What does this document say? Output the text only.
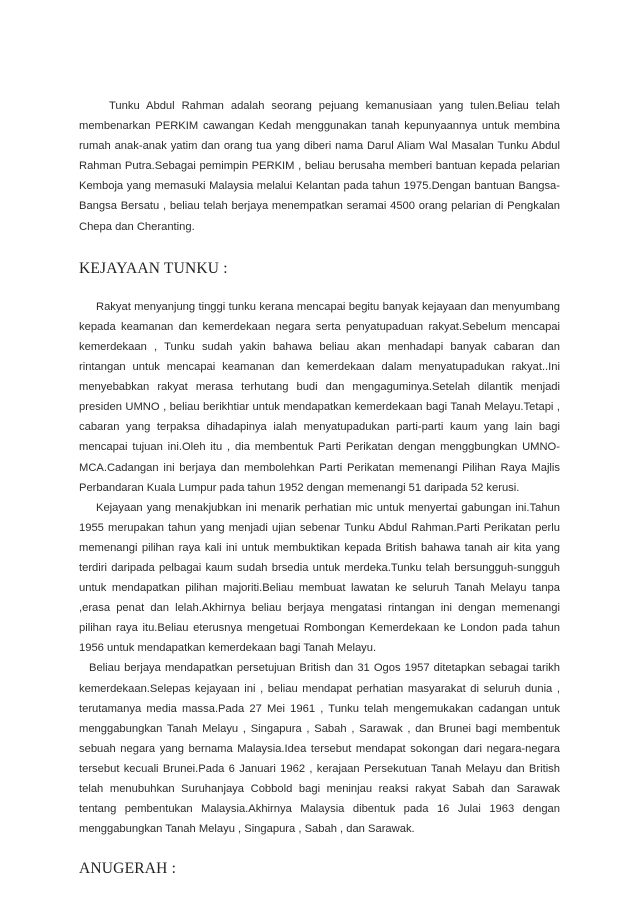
Tunku Abdul Rahman adalah seorang pejuang kemanusiaan yang tulen.Beliau telah membenarkan PERKIM cawangan Kedah menggunakan tanah kepunyaannya untuk membina rumah anak-anak yatim dan orang tua yang diberi nama Darul Aliam Wal Masalan Tunku Abdul Rahman Putra.Sebagai pemimpin PERKIM , beliau berusaha memberi bantuan kepada pelarian Kemboja yang memasuki Malaysia melalui Kelantan pada tahun 1975.Dengan bantuan Bangsa-Bangsa Bersatu , beliau telah berjaya menempatkan seramai 4500 orang pelarian di Pengkalan Chepa dan Cheranting.

KEJAYAAN TUNKU :

Rakyat menyanjung tinggi tunku kerana mencapai begitu banyak kejayaan dan menyumbang kepada keamanan dan kemerdekaan negara serta penyatupaduan rakyat.Sebelum mencapai kemerdekaan , Tunku sudah yakin bahawa beliau akan menhadapi banyak cabaran dan rintangan untuk mencapai keamanan dan kemerdekaan dalam menyatupadukan rakyat..Ini menyebabkan rakyat merasa terhutang budi dan mengaguminya.Setelah dilantik menjadi presiden UMNO , beliau berikhtiar untuk mendapatkan kemerdekaan bagi Tanah Melayu.Tetapi , cabaran yang terpaksa dihadapinya ialah menyatupadukan parti-parti kaum yang lain bagi mencapai tujuan ini.Oleh itu , dia membentuk Parti Perikatan dengan menggbungkan UMNO-MCA.Cadangan ini berjaya dan membolehkan Parti Perikatan memenangi Pilihan Raya Majlis Perbandaran Kuala Lumpur pada tahun 1952 dengan memenangi 51 daripada 52 kerusi.

Kejayaan yang menakjubkan ini menarik perhatian mic untuk menyertai gabungan ini.Tahun 1955 merupakan tahun yang menjadi ujian sebenar Tunku Abdul Rahman.Parti Perikatan perlu memenangi pilihan raya kali ini untuk membuktikan kepada British bahawa tanah air kita yang terdiri daripada pelbagai kaum sudah brsedia untuk merdeka.Tunku telah bersungguh-sungguh untuk mendapatkan pilihan majoriti.Beliau membuat lawatan ke seluruh Tanah Melayu tanpa ,erasa penat dan lelah.Akhirnya beliau berjaya mengatasi rintangan ini dengan memenangi pilihan raya itu.Beliau eterusnya mengetuai Rombongan Kemerdekaan ke London pada tahun 1956 untuk mendapatkan kemerdekaan bagi Tanah Melayu.

Beliau berjaya mendapatkan persetujuan British dan 31 Ogos 1957 ditetapkan sebagai tarikh kemerdekaan.Selepas kejayaan ini , beliau mendapat perhatian masyarakat di seluruh dunia , terutamanya media massa.Pada 27 Mei 1961 , Tunku telah mengemukakan cadangan untuk menggabungkan Tanah Melayu , Singapura , Sabah , Sarawak , dan Brunei bagi membentuk sebuah negara yang bernama Malaysia.Idea tersebut mendapat sokongan dari negara-negara tersebut kecuali Brunei.Pada 6 Januari 1962 , kerajaan Persekutuan Tanah Melayu dan British telah menubuhkan Suruhanjaya Cobbold bagi meninjau reaksi rakyat Sabah dan Sarawak tentang pembentukan Malaysia.Akhirnya Malaysia dibentuk pada 16 Julai 1963 dengan menggabungkan Tanah Melayu , Singapura , Sabah , dan Sarawak.

ANUGERAH :
